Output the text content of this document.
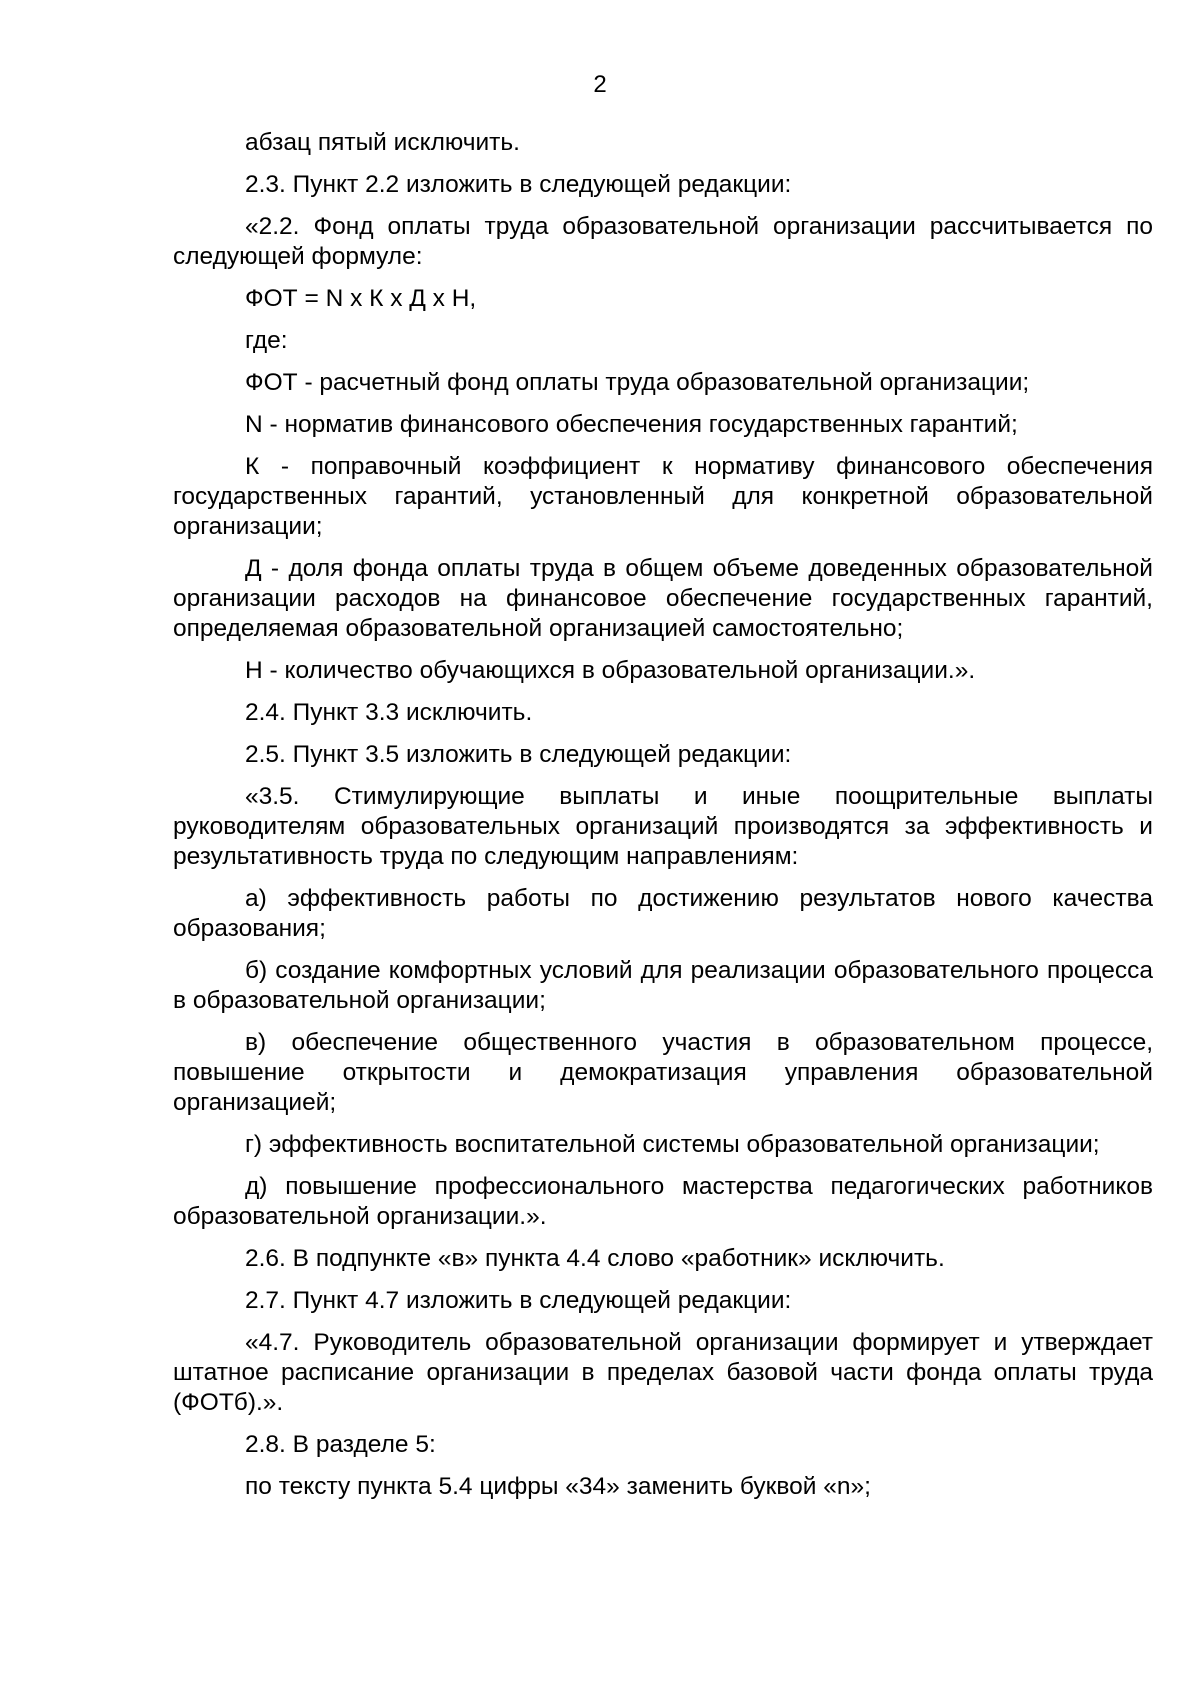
2

абзац пятый исключить.

2.3. Пункт 2.2 изложить в следующей редакции:

«2.2. Фонд оплаты труда образовательной организации рассчитывается по следующей формуле:

ФОТ = N x К x Д x Н,

где:

ФОТ - расчетный фонд оплаты труда образовательной организации;

N - норматив финансового обеспечения государственных гарантий;

К - поправочный коэффициент к нормативу финансового обеспечения государственных гарантий, установленный для конкретной образовательной организации;

Д - доля фонда оплаты труда в общем объеме доведенных образовательной организации расходов на финансовое обеспечение государственных гарантий, определяемая образовательной организацией самостоятельно;

Н - количество обучающихся в образовательной организации.».

2.4. Пункт 3.3 исключить.

2.5. Пункт 3.5 изложить в следующей редакции:

«3.5. Стимулирующие выплаты и иные поощрительные выплаты руководителям образовательных организаций производятся за эффективность и результативность труда по следующим направлениям:

а) эффективность работы по достижению результатов нового качества образования;

б) создание комфортных условий для реализации образовательного процесса в образовательной организации;

в) обеспечение общественного участия в образовательном процессе, повышение открытости и демократизация управления образовательной организацией;

г) эффективность воспитательной системы образовательной организации;

д) повышение профессионального мастерства педагогических работников образовательной организации.».

2.6. В подпункте «в» пункта 4.4 слово «работник» исключить.

2.7. Пункт 4.7 изложить в следующей редакции:

«4.7. Руководитель образовательной организации формирует и утверждает штатное расписание организации в пределах базовой части фонда оплаты труда (ФОТб).».

2.8. В разделе 5:

по тексту пункта 5.4 цифры «34» заменить буквой «n»;
